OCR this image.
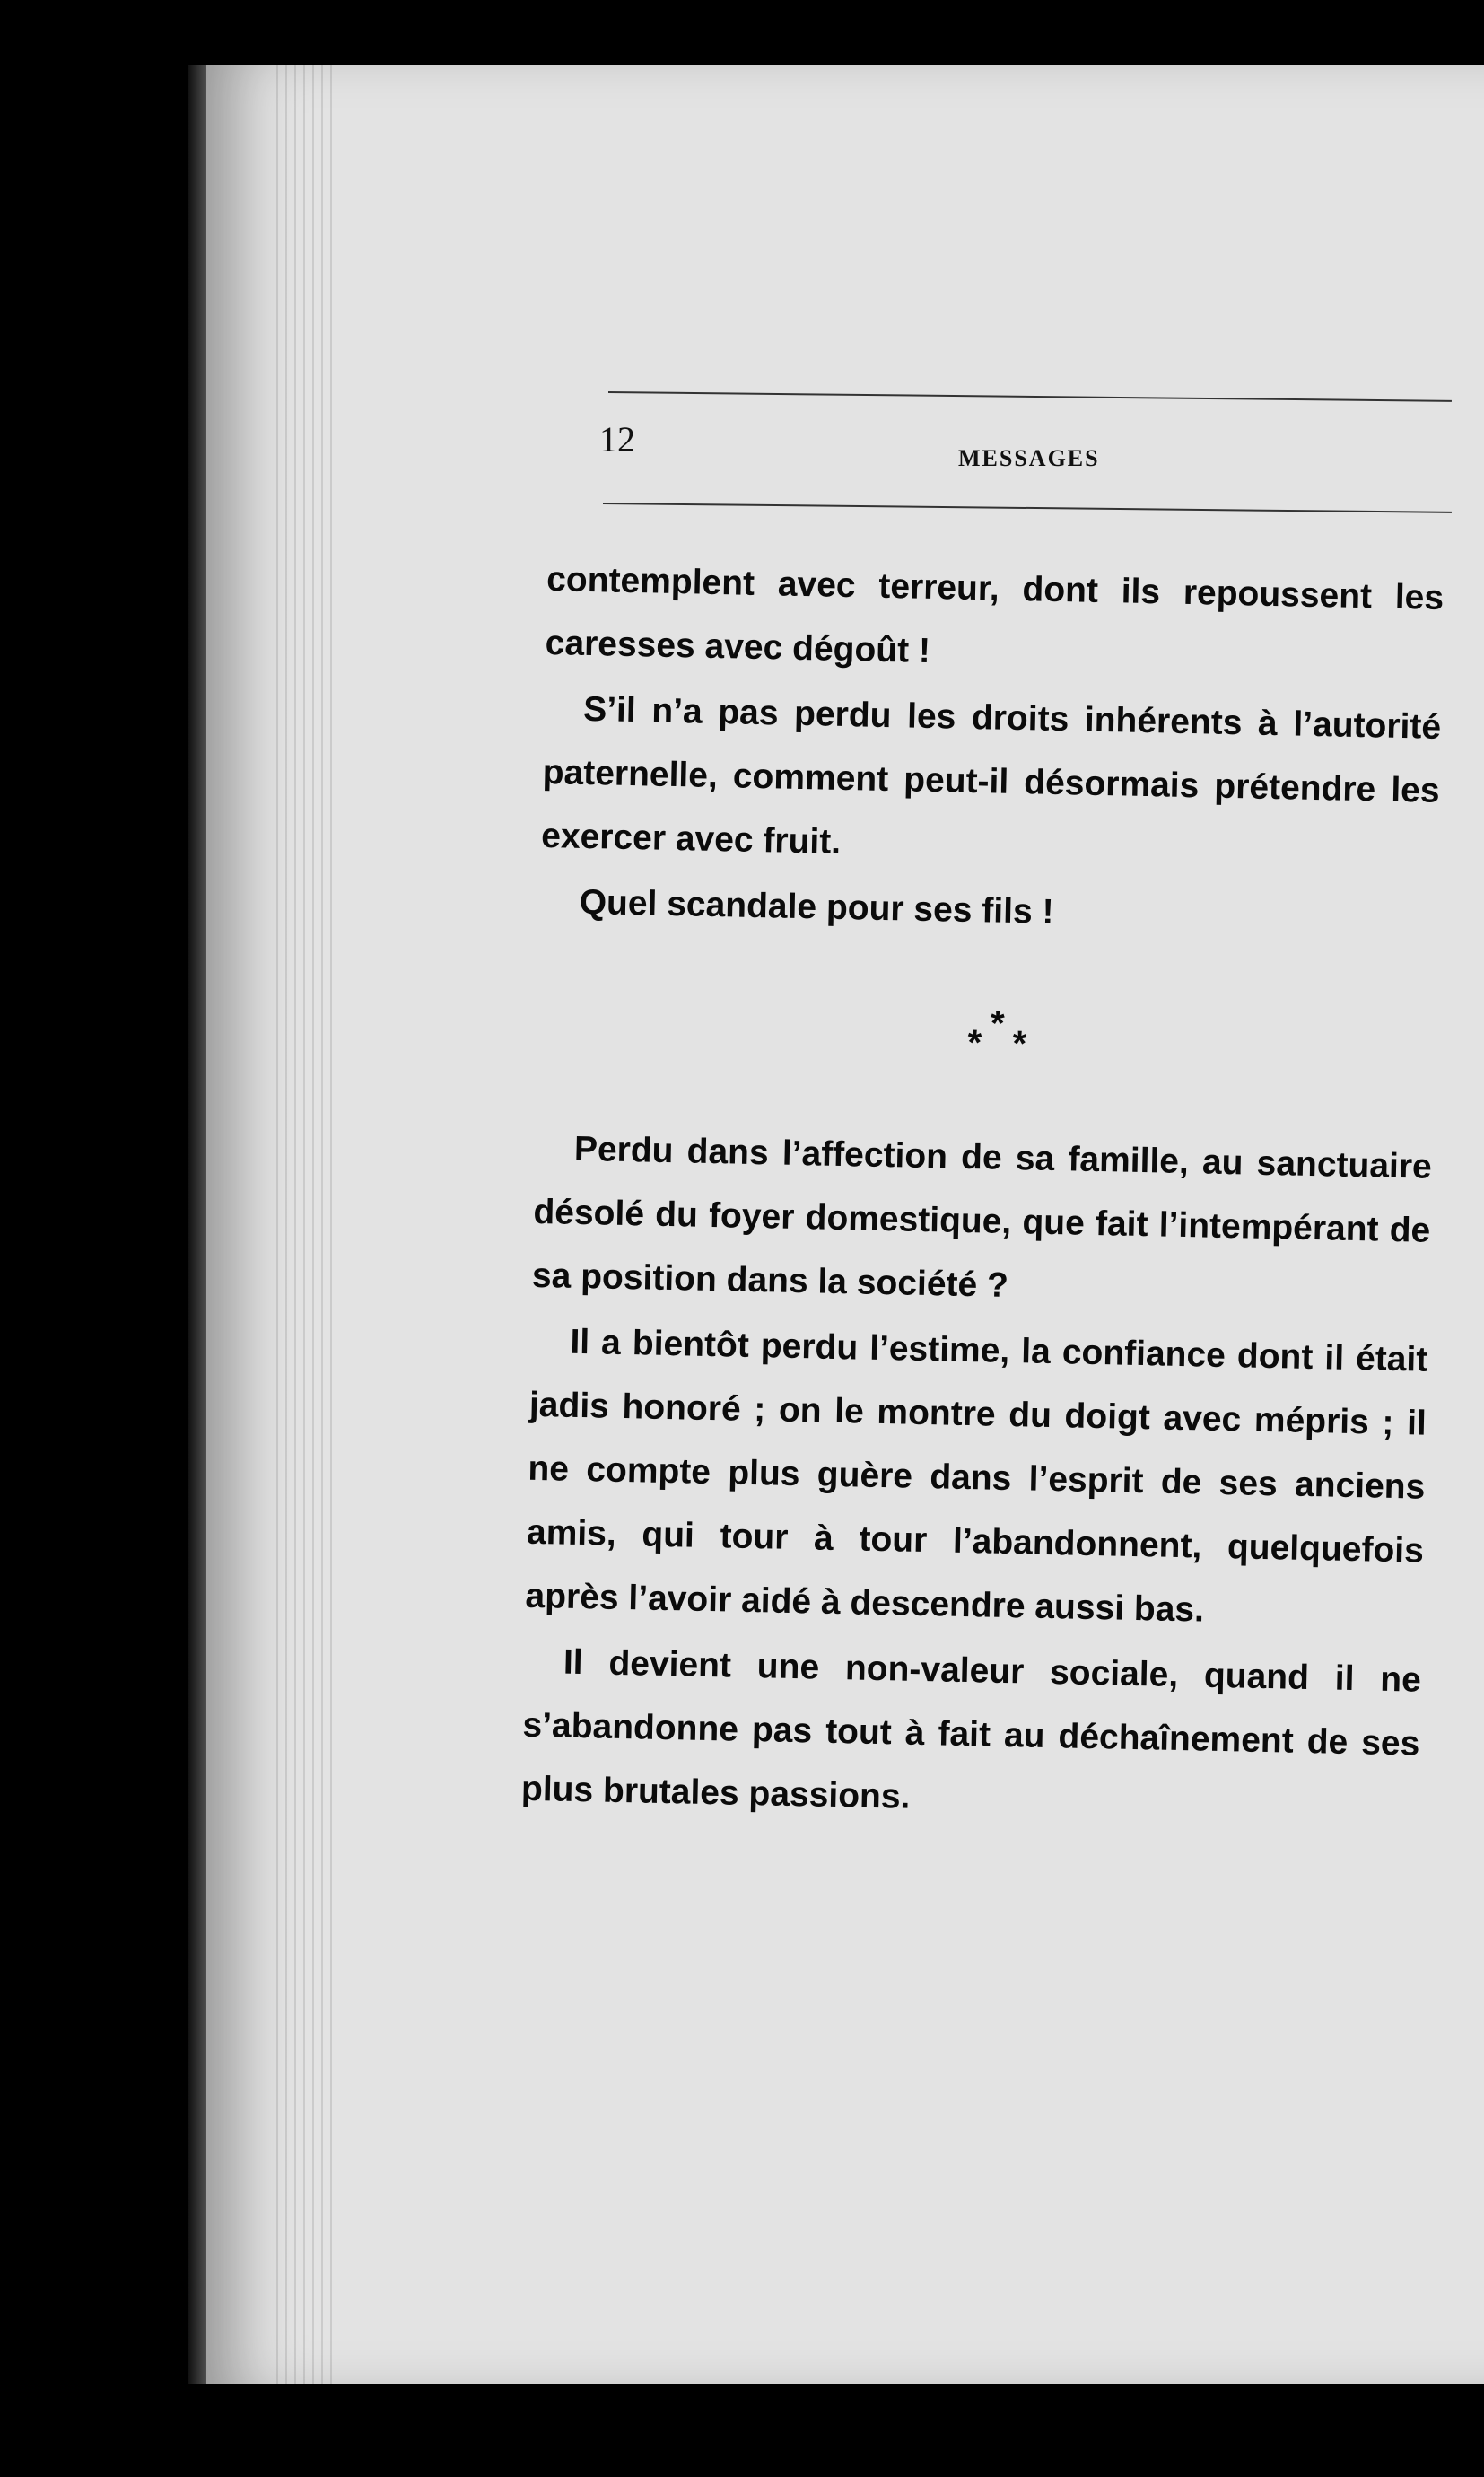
12	MESSAGES

contemplent avec terreur, dont ils repoussent les caresses avec dégoût !

S’il n’a pas perdu les droits inhérents à l’autorité paternelle, comment peut-il désormais prétendre les exercer avec fruit.

Quel scandale pour ses fils !

*
* *

Perdu dans l’affection de sa famille, au sanctuaire désolé du foyer domestique, que fait l’intempérant de sa position dans la société ?

Il a bientôt perdu l’estime, la confiance dont il était jadis honoré ; on le montre du doigt avec mépris ; il ne compte plus guère dans l’esprit de ses anciens amis, qui tour à tour l’abandonnent, quelquefois après l’avoir aidé à descendre aussi bas.

Il devient une non-valeur sociale, quand il ne s’abandonne pas tout à fait au déchaînement de ses plus brutales passions.
